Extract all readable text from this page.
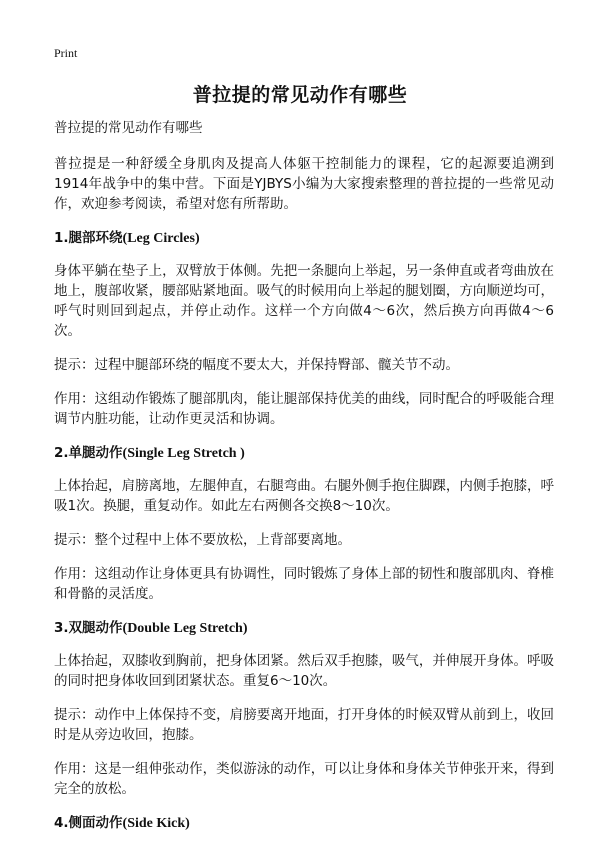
Print
普拉提的常见动作有哪些

普拉提的常见动作有哪些

普拉提是一种舒缓全身肌肉及提高人体躯干控制能力的课程，它的起源要追溯到1914年战争中的集中营。下面是YJBYS小编为大家搜索整理的普拉提的一些常见动作，欢迎参考阅读，希望对您有所帮助。

1.腿部环绕(Leg Circles)

身体平躺在垫子上，双臂放于体侧。先把一条腿向上举起，另一条伸直或者弯曲放在地上，腹部收紧，腰部贴紧地面。吸气的时候用向上举起的腿划圈，方向顺逆均可，呼气时则回到起点，并停止动作。这样一个方向做4～6次，然后换方向再做4～6次。

提示：过程中腿部环绕的幅度不要太大，并保持臀部、髋关节不动。

作用：这组动作锻炼了腿部肌肉，能让腿部保持优美的曲线，同时配合的呼吸能合理调节内脏功能，让动作更灵活和协调。

2.单腿动作(Single Leg Stretch )

上体抬起，肩膀离地，左腿伸直，右腿弯曲。右腿外侧手抱住脚踝，内侧手抱膝，呼吸1次。换腿，重复动作。如此左右两侧各交换8～10次。

提示：整个过程中上体不要放松，上背部要离地。

作用：这组动作让身体更具有协调性，同时锻炼了身体上部的韧性和腹部肌肉、脊椎和骨骼的灵活度。

3.双腿动作(Double Leg Stretch)

上体抬起，双膝收到胸前，把身体团紧。然后双手抱膝，吸气，并伸展开身体。呼吸的同时把身体收回到团紧状态。重复6～10次。

提示：动作中上体保持不变，肩膀要离开地面，打开身体的时候双臂从前到上，收回时是从旁边收回，抱膝。

作用：这是一组伸张动作，类似游泳的动作，可以让身体和身体关节伸张开来，得到完全的放松。

4.侧面动作(Side Kick)
